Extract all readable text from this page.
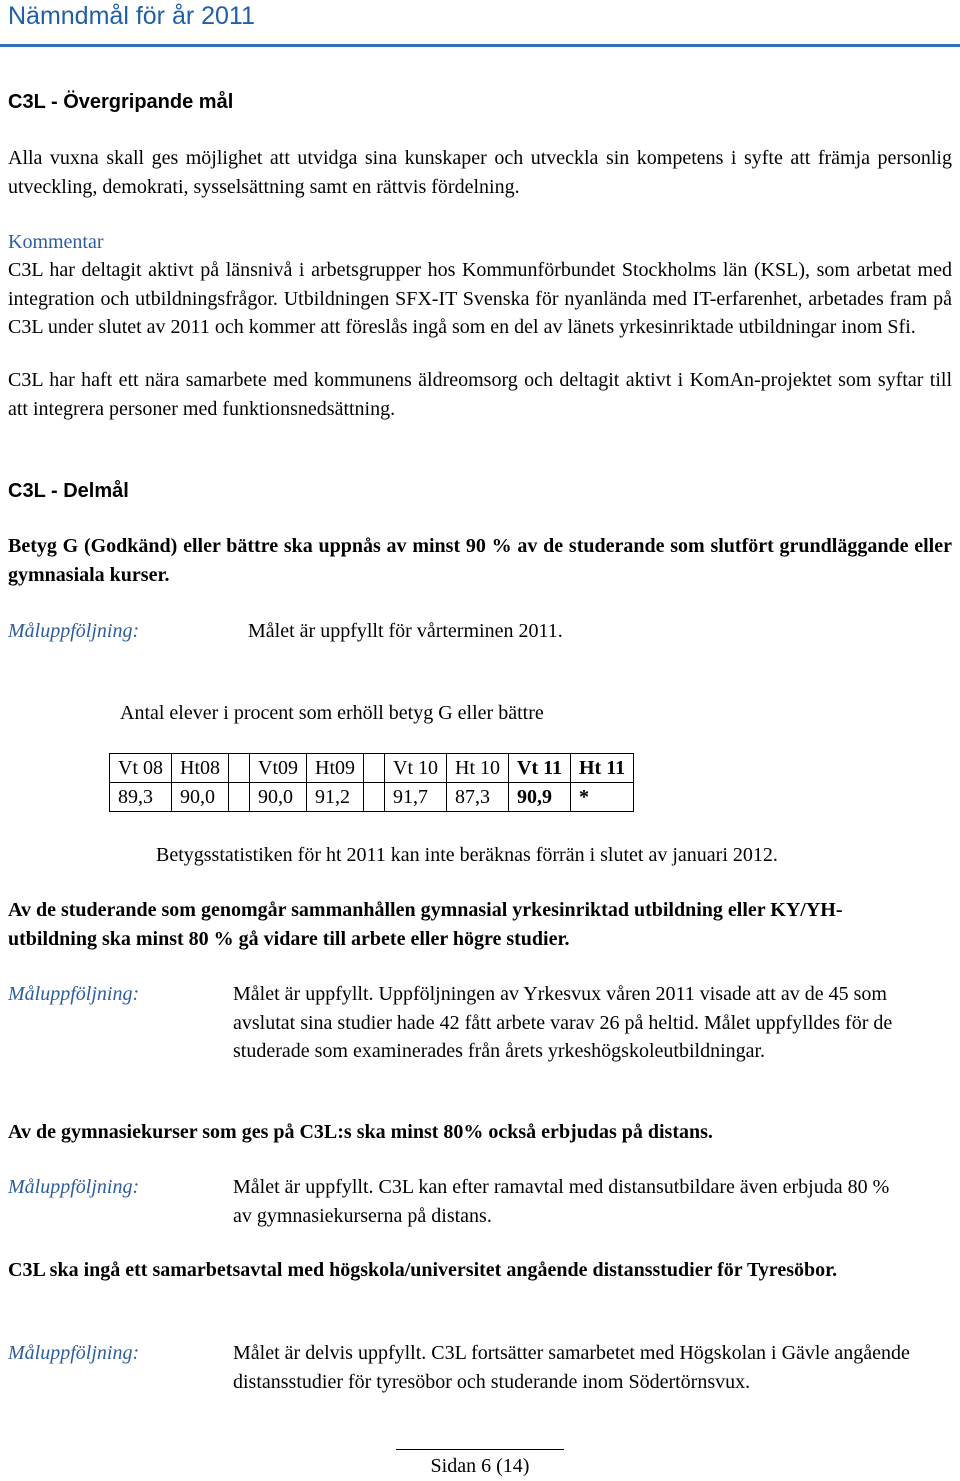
Nämndmål för år 2011
C3L - Övergripande mål
Alla vuxna skall ges möjlighet att utvidga sina kunskaper och utveckla sin kompetens i syfte att främja personlig utveckling, demokrati, sysselsättning samt en rättvis fördelning.
Kommentar
C3L har deltagit aktivt på länsnivå i arbetsgrupper hos Kommunförbundet Stockholms län (KSL), som arbetat med integration och utbildningsfrågor. Utbildningen SFX-IT Svenska för nyanlända med IT-erfarenhet, arbetades fram på C3L under slutet av 2011 och kommer att föreslås ingå som en del av länets yrkesinriktade utbildningar inom Sfi.
C3L har haft ett nära samarbete med kommunens äldreomsorg och deltagit aktivt i KomAn-projektet som syftar till att integrera personer med funktionsnedsättning.
C3L - Delmål
Betyg G (Godkänd) eller bättre ska uppnås av minst 90 % av de studerande som slutfört grundläggande eller gymnasiala kurser.
Måluppföljning:	Målet är uppfyllt för vårterminen 2011.
Antal elever i procent som erhöll betyg G eller bättre
Vt 08	Ht08		Vt09	Ht09		Vt 10	Ht 10	Vt 11	Ht 11
89,3	90,0		90,0	91,2		91,7	87,3	90,9	*
Betygsstatistiken för ht 2011 kan inte beräknas förrän i slutet av januari 2012.
Av de studerande som genomgår sammanhållen gymnasial yrkesinriktad utbildning eller KY/YH-utbildning ska minst 80 % gå vidare till arbete eller högre studier.
Måluppföljning:	Målet är uppfyllt. Uppföljningen av Yrkesvux våren 2011 visade att av de 45 som avslutat sina studier hade 42 fått arbete varav 26 på heltid. Målet uppfylldes för de studerade som examinerades från årets yrkeshögskoleutbildningar.
Av de gymnasiekurser som ges på C3L:s ska minst 80% också erbjudas på distans.
Måluppföljning:	Målet är uppfyllt. C3L kan efter ramavtal med distansutbildare även erbjuda 80 % av gymnasiekurserna på distans.
C3L ska ingå ett samarbetsavtal med högskola/universitet angående distansstudier för Tyresöbor.
Måluppföljning:	Målet är delvis uppfyllt. C3L fortsätter samarbetet med Högskolan i Gävle angående distansstudier för tyresöbor och studerande inom Södertörnsvux.
Sidan 6 (14)
